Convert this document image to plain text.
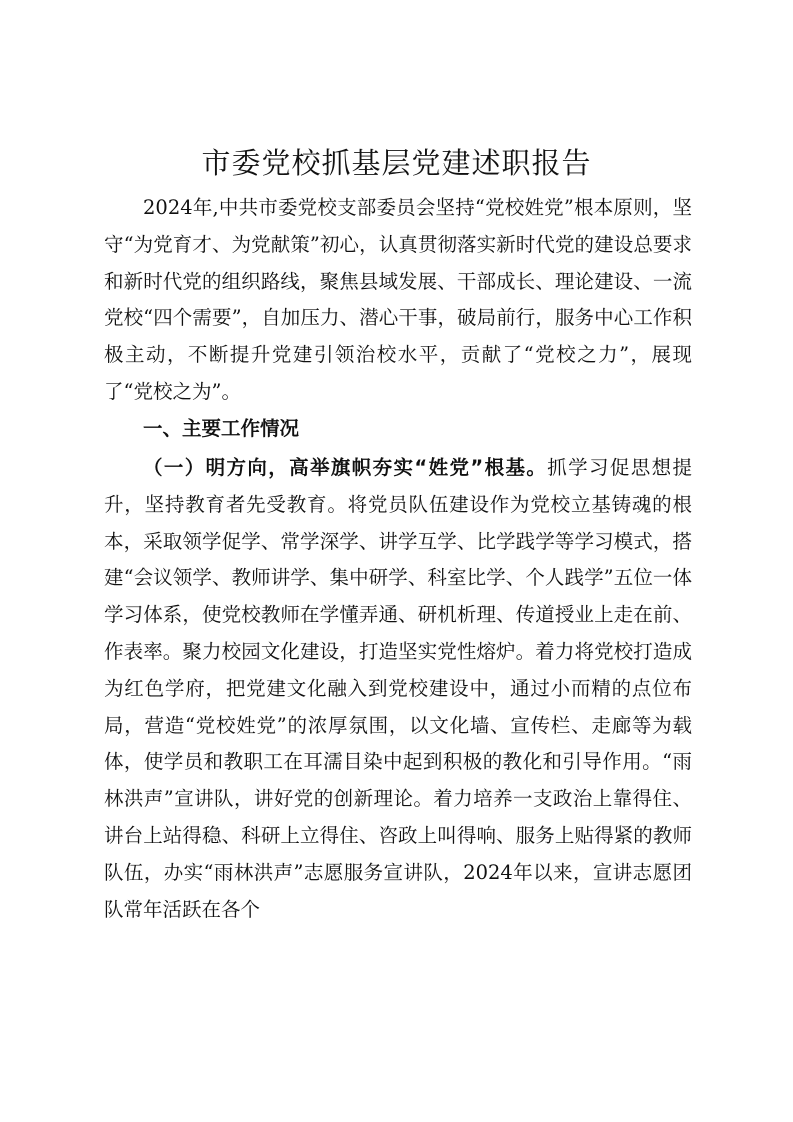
市委党校抓基层党建述职报告

2024年,中共市委党校支部委员会坚持“党校姓党”根本原则，坚守“为党育才、为党献策”初心，认真贯彻落实新时代党的建设总要求和新时代党的组织路线，聚焦县域发展、干部成长、理论建设、一流党校“四个需要”，自加压力、潜心干事，破局前行，服务中心工作积极主动，不断提升党建引领治校水平，贡献了“党校之力”，展现了“党校之为”。

一、主要工作情况

（一）明方向，高举旗帜夯实“姓党”根基。抓学习促思想提升，坚持教育者先受教育。将党员队伍建设作为党校立基铸魂的根本，采取领学促学、常学深学、讲学互学、比学践学等学习模式，搭建“会议领学、教师讲学、集中研学、科室比学、个人践学”五位一体学习体系，使党校教师在学懂弄通、研机析理、传道授业上走在前、作表率。聚力校园文化建设，打造坚实党性熔炉。着力将党校打造成为红色学府，把党建文化融入到党校建设中，通过小而精的点位布局，营造“党校姓党”的浓厚氛围，以文化墙、宣传栏、走廊等为载体，使学员和教职工在耳濡目染中起到积极的教化和引导作用。“雨林洪声”宣讲队，讲好党的创新理论。着力培养一支政治上靠得住、讲台上站得稳、科研上立得住、咨政上叫得响、服务上贴得紧的教师队伍，办实“雨林洪声”志愿服务宣讲队，2024年以来，宣讲志愿团队常年活跃在各个
